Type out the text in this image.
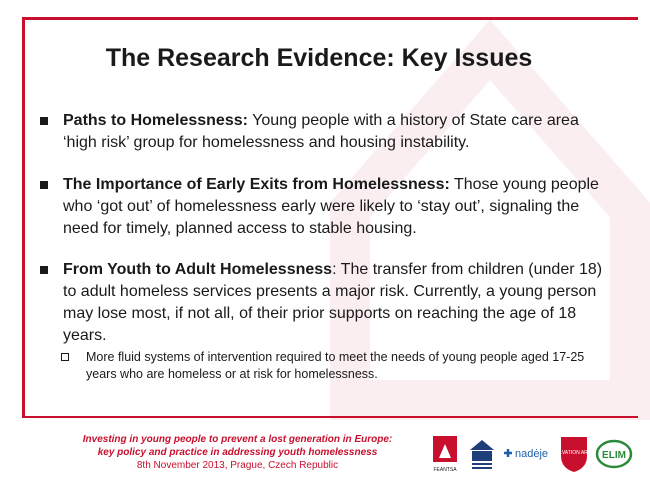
The Research Evidence: Key Issues
Paths to Homelessness: Young people with a history of State care area ‘high risk’ group for homelessness and housing instability.
The Importance of Early Exits from Homelessness: Those young people who ‘got out’ of homelessness early were likely to ‘stay out’, signaling the need for timely, planned access to stable housing.
From Youth to Adult Homelessness: The transfer from children (under 18) to adult homeless services presents a major risk. Currently, a young person may lose most, if not all, of their prior supports on reaching the age of 18 years.
More fluid systems of intervention required to meet the needs of young people aged 17-25 years who are homeless or at risk for homelessness.
Investing in young people to prevent a lost generation in Europe:
key policy and practice in addressing youth homelessness
8th November 2013, Prague, Czech Republic	FEANTSA
nadėje SALVATION ARMY ELIM
